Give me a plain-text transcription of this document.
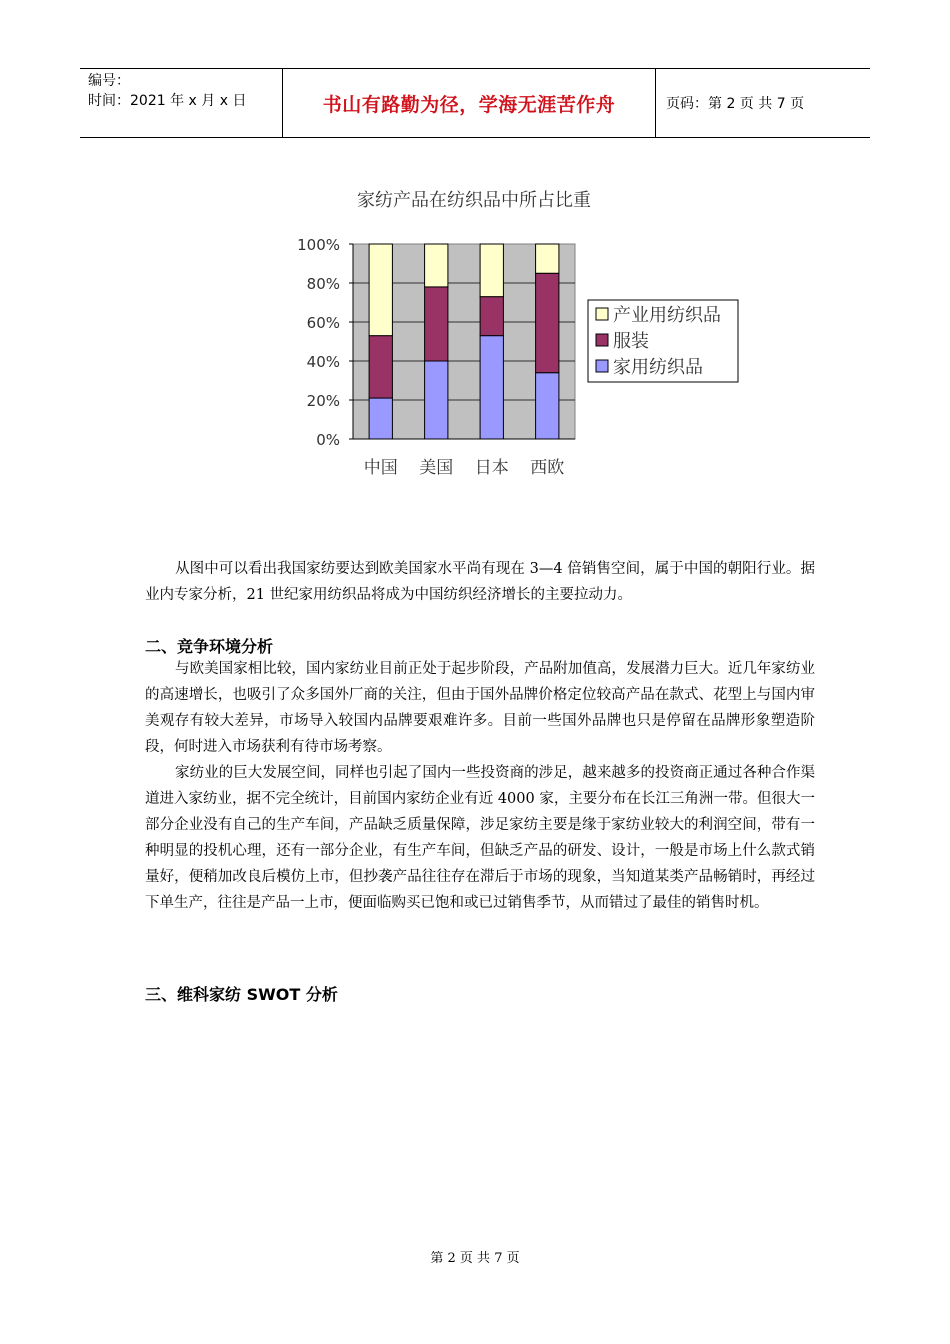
编号：
时间：2021 年 x 月 x 日	书山有路勤为径，学海无涯苦作舟	页码：第 2 页 共 7 页
家纺产品在纺织品中所占比重
0%
20%
40%
60%
80%
100%
中国 美国 日本 西欧
产业用纺织品
服装
家用纺织品
从图中可以看出我国家纺要达到欧美国家水平尚有现在 3—4 倍销售空间，属于中国的朝阳行业。据业内专家分析，21 世纪家用纺织品将成为中国纺织经济增长的主要拉动力。
二、竞争环境分析
与欧美国家相比较，国内家纺业目前正处于起步阶段，产品附加值高，发展潜力巨大。近几年家纺业的高速增长，也吸引了众多国外厂商的关注，但由于国外品牌价格定位较高产品在款式、花型上与国内审美观存有较大差异，市场导入较国内品牌要艰难许多。目前一些国外品牌也只是停留在品牌形象塑造阶段，何时进入市场获利有待市场考察。
家纺业的巨大发展空间，同样也引起了国内一些投资商的涉足，越来越多的投资商正通过各种合作渠道进入家纺业，据不完全统计，目前国内家纺企业有近 4000 家，主要分布在长江三角洲一带。但很大一部分企业没有自己的生产车间，产品缺乏质量保障，涉足家纺主要是缘于家纺业较大的利润空间，带有一种明显的投机心理，还有一部分企业，有生产车间，但缺乏产品的研发、设计，一般是市场上什么款式销量好，便稍加改良后模仿上市，但抄袭产品往往存在滞后于市场的现象，当知道某类产品畅销时，再经过下单生产，往往是产品一上市，便面临购买已饱和或已过销售季节，从而错过了最佳的销售时机。
三、维科家纺 SWOT 分析
第 2 页 共 7 页
